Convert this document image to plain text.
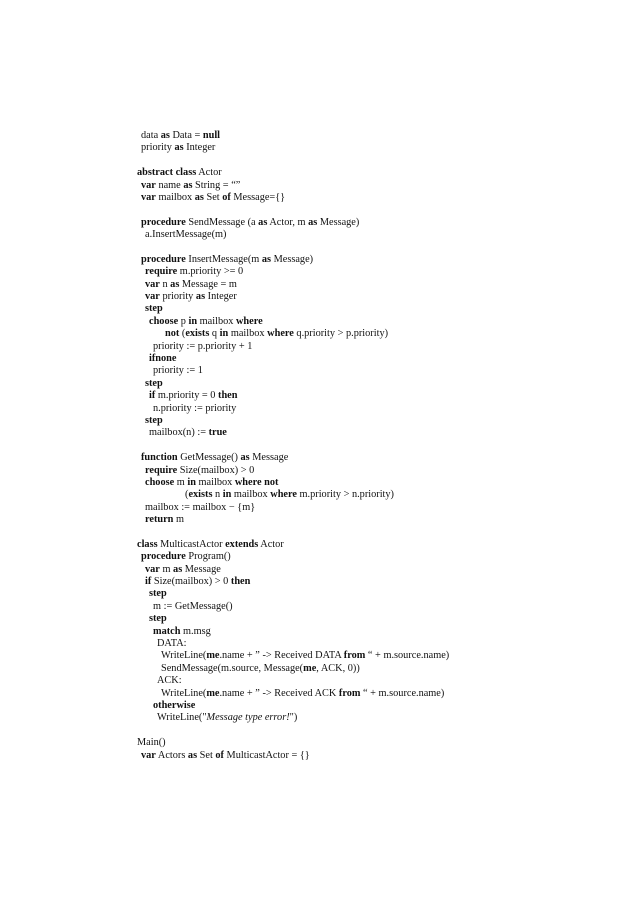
data as Data = null
priority as Integer
abstract class Actor
var name as String = “”
var mailbox as Set of Message={}
procedure SendMessage (a as Actor, m as Message)
a.InsertMessage(m)
procedure InsertMessage(m as Message)
require m.priority >= 0
var n as Message = m
var priority as Integer
step
choose p in mailbox where
not (exists q in mailbox where q.priority > p.priority)
priority := p.priority + 1
ifnone
priority := 1
step
if m.priority = 0 then
n.priority := priority
step
mailbox(n) := true
function GetMessage() as Message
require Size(mailbox) > 0
choose m in mailbox where not
(exists n in mailbox where m.priority > n.priority)
mailbox := mailbox − {m}
return m
class MulticastActor extends Actor
procedure Program()
var m as Message
if Size(mailbox) > 0 then
step
m := GetMessage()
step
match m.msg
DATA:
WriteLine(me.name + ” -> Received DATA from “ + m.source.name)
SendMessage(m.source, Message(me, ACK, 0))
ACK:
WriteLine(me.name + ” -> Received ACK from “ + m.source.name)
otherwise
WriteLine("Message type error!")
Main()
var Actors as Set of MulticastActor = {}
